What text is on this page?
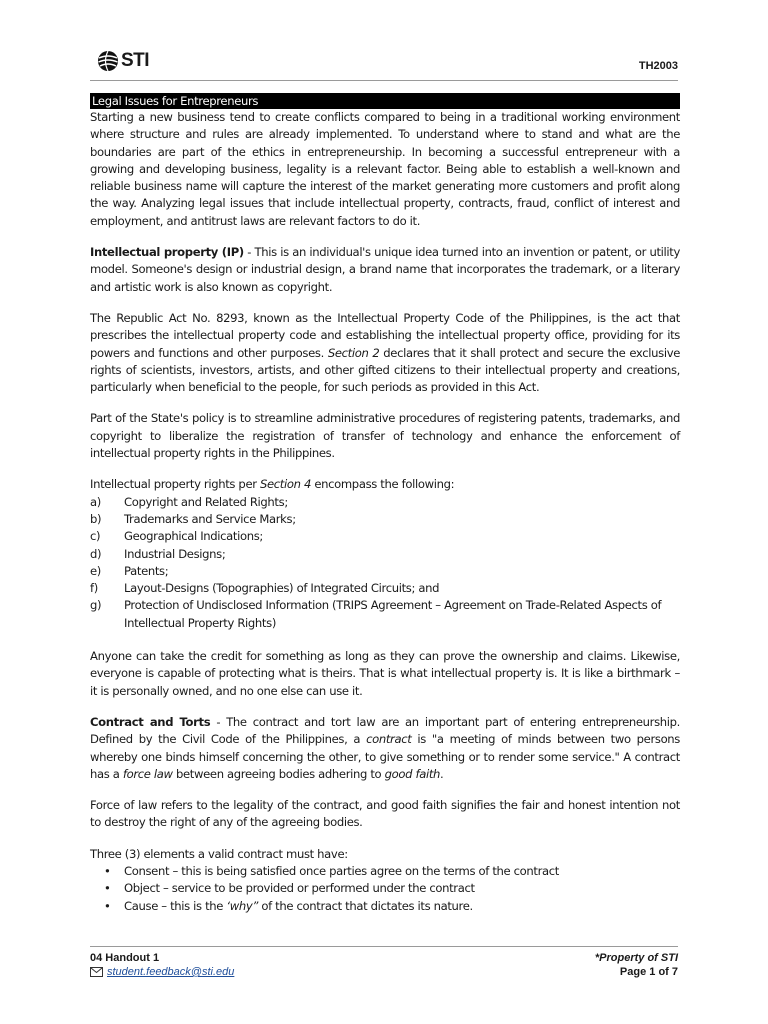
STI	TH2003
Legal Issues for Entrepreneurs

Starting a new business tend to create conflicts compared to being in a traditional working environment where structure and rules are already implemented. To understand where to stand and what are the boundaries are part of the ethics in entrepreneurship. In becoming a successful entrepreneur with a growing and developing business, legality is a relevant factor. Being able to establish a well-known and reliable business name will capture the interest of the market generating more customers and profit along the way. Analyzing legal issues that include intellectual property, contracts, fraud, conflict of interest and employment, and antitrust laws are relevant factors to do it.

Intellectual property (IP) - This is an individual's unique idea turned into an invention or patent, or utility model. Someone's design or industrial design, a brand name that incorporates the trademark, or a literary and artistic work is also known as copyright.

The Republic Act No. 8293, known as the Intellectual Property Code of the Philippines, is the act that prescribes the intellectual property code and establishing the intellectual property office, providing for its powers and functions and other purposes. Section 2 declares that it shall protect and secure the exclusive rights of scientists, investors, artists, and other gifted citizens to their intellectual property and creations, particularly when beneficial to the people, for such periods as provided in this Act.

Part of the State's policy is to streamline administrative procedures of registering patents, trademarks, and copyright to liberalize the registration of transfer of technology and enhance the enforcement of intellectual property rights in the Philippines.

Intellectual property rights per Section 4 encompass the following:

a)	Copyright and Related Rights;
b)	Trademarks and Service Marks;
c)	Geographical Indications;
d)	Industrial Designs;
e)	Patents;
f)	Layout-Designs (Topographies) of Integrated Circuits; and
g)	Protection of Undisclosed Information (TRIPS Agreement – Agreement on Trade-Related Aspects of Intellectual Property Rights)

Anyone can take the credit for something as long as they can prove the ownership and claims. Likewise, everyone is capable of protecting what is theirs. That is what intellectual property is. It is like a birthmark – it is personally owned, and no one else can use it.

Contract and Torts - The contract and tort law are an important part of entering entrepreneurship. Defined by the Civil Code of the Philippines, a contract is "a meeting of minds between two persons whereby one binds himself concerning the other, to give something or to render some service." A contract has a force law between agreeing bodies adhering to good faith.

Force of law refers to the legality of the contract, and good faith signifies the fair and honest intention not to destroy the right of any of the agreeing bodies.

Three (3) elements a valid contract must have:

•	Consent – this is being satisfied once parties agree on the terms of the contract
•	Object – service to be provided or performed under the contract
•	Cause – this is the ‘why” of the contract that dictates its nature.
04 Handout 1
student.feedback@sti.edu
*Property of STI
Page 1 of 7
